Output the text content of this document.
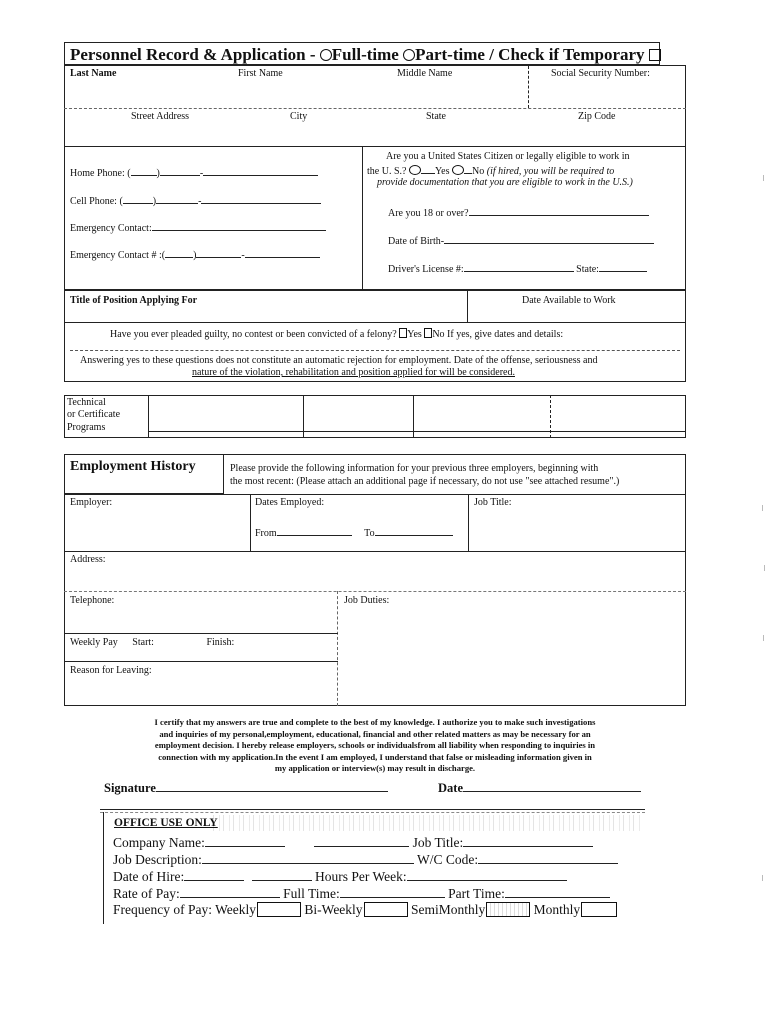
Personnel Record & Application - Full-time Part-time / Check if Temporary
Last Name	First Name	Middle Name	Social Security Number:
Street Address	City	State	Zip Code
Home Phone: (	)	-
Cell Phone: (	)	-
Emergency Contact:
Emergency Contact # :(	)	-
Are you a United States Citizen or legally eligible to work in
the U. S.?	Yes No (if hired, you will be required to
provide documentation that you are eligible to work in the U.S.)
Are you 18 or over?
Date of Birth-
Driver's License #:	State:
Title of Position Applying For	Date Available to Work
Have you ever pleaded guilty, no contest or been convicted of a felony? Yes No If yes, give dates and details:
Answering yes to these questions does not constitute an automatic rejection for employment. Date of the offense, seriousness and
nature of the violation, rehabilitation and position applied for will be considered.
Technical
or Certificate
Programs
Employment History	Please provide the following information for your previous three employers, beginning with
the most recent: (Please attach an additional page if necessary, do not use "see attached resume".)
Employer:	Dates Employed:	Job Title:
From	To
Address:
Telephone:	Job Duties:
Weekly Pay Start:	Finish:
Reason for Leaving:
I certify that my answers are true and complete to the best of my knowledge. I authorize you to make such investigations
and inquiries of my personal,employment, educational, financial and other related matters as may be necessary for an
employment decision. I hereby release employers, schools or individualsfrom all liability when responding to inquiries in
connection with my application.In the event I am employed, I understand that false or misleading information given in
my application or interview(s) may result in discharge.
Signature	Date
OFFICE USE ONLY
Company Name:	Job Title:
Job Description:	W/C Code:
Date of Hire:	Hours Per Week:
Rate of Pay:	Full Time:	Part Time:
Frequency of Pay: Weekly	Bi-Weekly	SemiMonthly	Monthly
